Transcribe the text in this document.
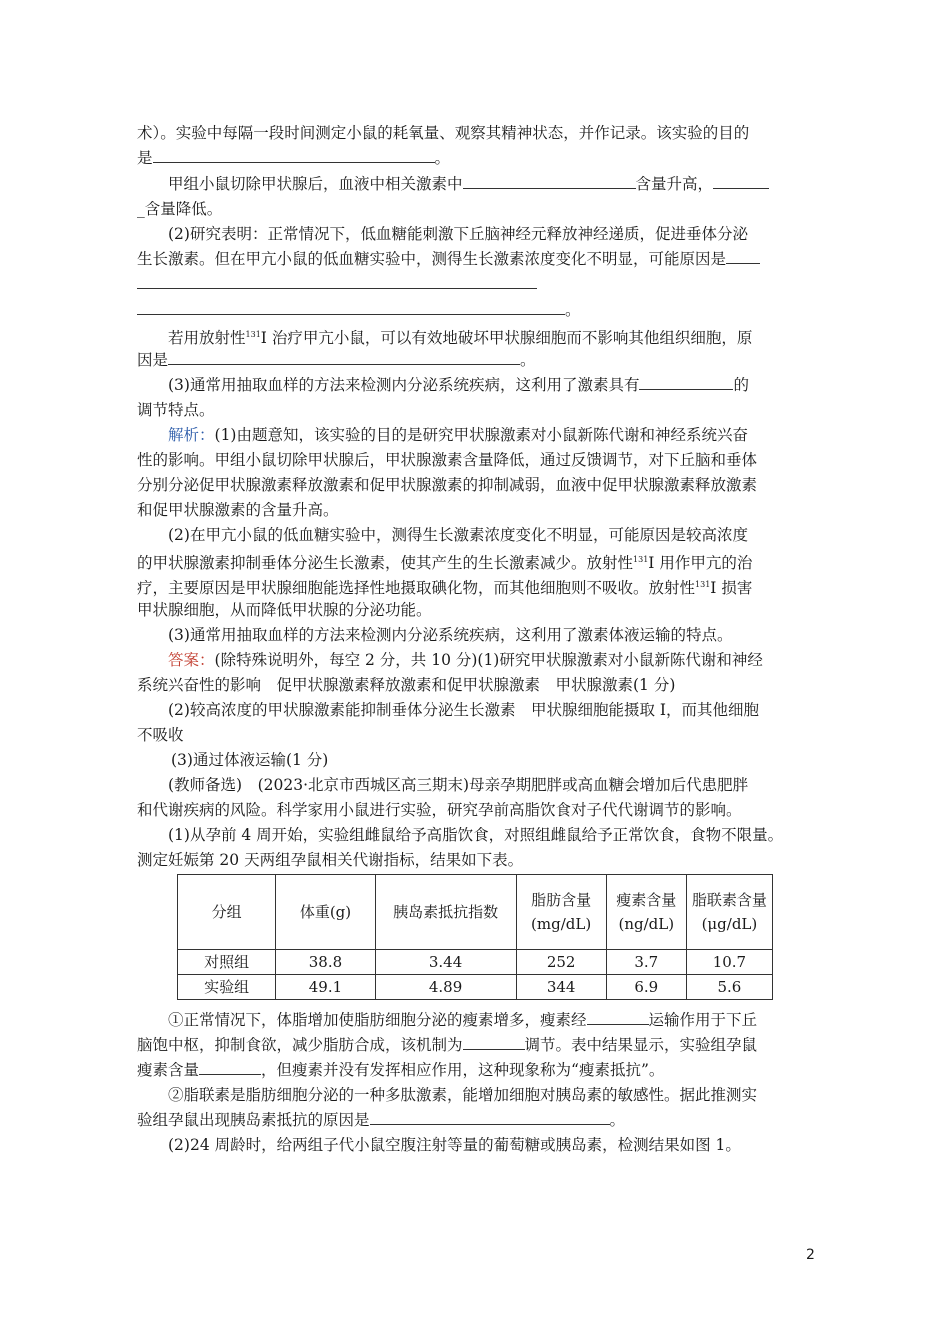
术）。实验中每隔一段时间测定小鼠的耗氧量、观察其精神状态，并作记录。该实验的目的
是	。
甲组小鼠切除甲状腺后，血液中相关激素中	含量升高，
_含量降低。
(2)研究表明：正常情况下，低血糖能刺激下丘脑神经元释放神经递质，促进垂体分泌
生长激素。但在甲亢小鼠的低血糖实验中，测得生长激素浓度变化不明显，可能原因是
。
若用放射性$^{131}$I 治疗甲亢小鼠，可以有效地破坏甲状腺细胞而不影响其他组织细胞，原
因是	。
(3)通常用抽取血样的方法来检测内分泌系统疾病，这利用了激素具有	的
调节特点。
解析：(1)由题意知，该实验的目的是研究甲状腺激素对小鼠新陈代谢和神经系统兴奋
性的影响。甲组小鼠切除甲状腺后，甲状腺激素含量降低，通过反馈调节，对下丘脑和垂体
分别分泌促甲状腺激素释放激素和促甲状腺激素的抑制减弱，血液中促甲状腺激素释放激素
和促甲状腺激素的含量升高。
(2)在甲亢小鼠的低血糖实验中，测得生长激素浓度变化不明显，可能原因是较高浓度
的甲状腺激素抑制垂体分泌生长激素，使其产生的生长激素减少。放射性$^{131}$I 用作甲亢的治
疗，主要原因是甲状腺细胞能选择性地摄取碘化物，而其他细胞则不吸收。放射性$^{131}$I 损害
甲状腺细胞，从而降低甲状腺的分泌功能。
(3)通常用抽取血样的方法来检测内分泌系统疾病，这利用了激素体液运输的特点。
答案：(除特殊说明外，每空 2 分，共 10 分)(1)研究甲状腺激素对小鼠新陈代谢和神经
系统兴奋性的影响　促甲状腺激素释放激素和促甲状腺激素　甲状腺激素(1 分)
(2)较高浓度的甲状腺激素能抑制垂体分泌生长激素　甲状腺细胞能摄取 I，而其他细胞
不吸收
(3)通过体液运输(1 分)
(教师备选)　(2023·北京市西城区高三期末)母亲孕期肥胖或高血糖会增加后代患肥胖
和代谢疾病的风险。科学家用小鼠进行实验，研究孕前高脂饮食对子代代谢调节的影响。
(1)从孕前 4 周开始，实验组雌鼠给予高脂饮食，对照组雌鼠给予正常饮食，食物不限量。
测定妊娠第 20 天两组孕鼠相关代谢指标，结果如下表。
分组	体重(g)	胰岛素抵抗指数	脂肪含量(mg/dL)	瘦素含量(ng/dL)	脂联素含量(μg/dL)
对照组	38.8	3.44	252	3.7	10.7
实验组	49.1	4.89	344	6.9	5.6
①正常情况下，体脂增加使脂肪细胞分泌的瘦素增多，瘦素经	运输作用于下丘
脑饱中枢，抑制食欲，减少脂肪合成，该机制为	调节。表中结果显示，实验组孕鼠
瘦素含量	，但瘦素并没有发挥相应作用，这种现象称为“瘦素抵抗”。
②脂联素是脂肪细胞分泌的一种多肽激素，能增加细胞对胰岛素的敏感性。据此推测实
验组孕鼠出现胰岛素抵抗的原因是	。
(2)24 周龄时，给两组子代小鼠空腹注射等量的葡萄糖或胰岛素，检测结果如图 1。
2
